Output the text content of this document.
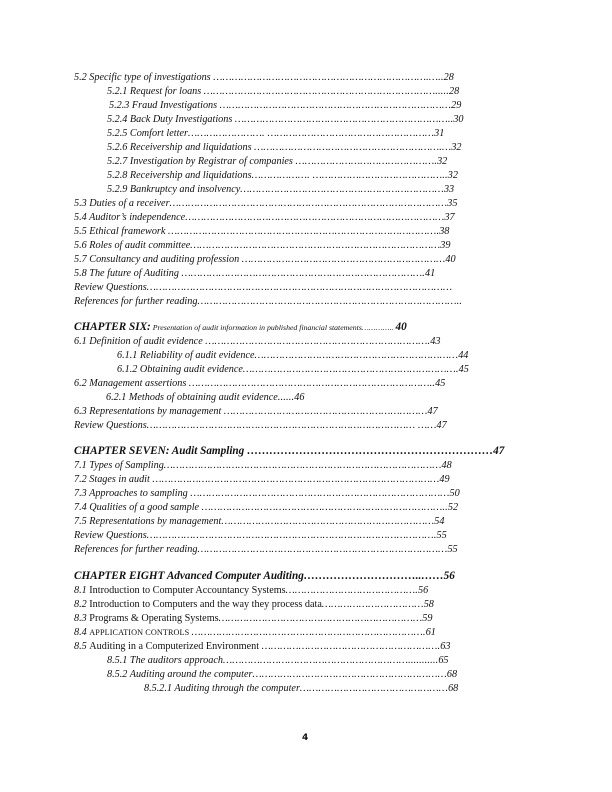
5.2 Specific type of investigations …………………………………………………………….…..28
5.2.1 Request for loans ………………………………………………………………….....28
5.2.3 Fraud Investigations …………………………………………………………………29
5.2.4 Back Duty Investigations ……………………………………………………………..30
5.2.5 Comfort letter……………………. ………………………………………………31
5.2.6 Receivership and liquidations …………………………………………………….…32
5.2.7 Investigation by Registrar of companies ……………………………………….32
5.2.8 Receivership and liquidations………………. ……………………………………..32
5.2.9 Bankruptcy and insolvency…………………………………………………………33
5.3 Duties of a receiver………………………………………………………………………………35
5.4 Auditor’s independence…………………………………………………………………………37
5.5 Ethical framework …………………………………………………………………………….38
5.6 Roles of audit committee………………………………………………………………………39
5.7 Consultancy and auditing profession …………………………………………………………40
5.8 The future of Auditing …………………………………………………………………….41
Review Questions………………………………………………………………………………………
References for further reading…………………………………………………………………………..
CHAPTER SIX: Presentation of audit information in published financial statements………….. 40
6.1 Definition of audit evidence ……………………………………………………………….43
6.1.1 Reliability of audit evidence…………………………………………………………44
6.1.2 Obtaining audit evidence…………………………………………………………….45
6.2 Management assertions ……………………………………………………………………..45
6.2.1 Methods of obtaining audit evidence......46
6.3 Representations by management …………………………………………………………47
Review Questions…………………………………………………………………………… ……47
CHAPTER SEVEN: Audit Sampling …………………………………………………………47
7.1 Types of Sampling………………………………………………………………………………48
7.2 Stages in audit …………………………………………………………………………………49
7.3 Approaches to sampling …………………………………………………………………………50
7.4 Qualities of a good sample ……………………………………………………………………..52
7.5 Representations by management……………………………………………………………54
Review Questions………………………………………………………………………………….55
References for further reading………………………………………………………………………55
CHAPTER EIGHT Advanced Computer Auditing…………………………..……56
8.1 Introduction to Computer Accountancy Systems…………………………………….56
8.2 Introduction to Computers and the way they process data……………………………58
8.3 Programs & Operating Systems…………………………………………………………59
8.4 APPLICATION CONTROLS ………………………………………………………………….61
8.5 Auditing in a Computerized Environment ………………………………………………….63
8.5.1 The auditors approach……………………………………………………...........65
8.5.2 Auditing around the computer………………………………………………………68
8.5.2.1 Auditing through the computer…………………………………………68
4
